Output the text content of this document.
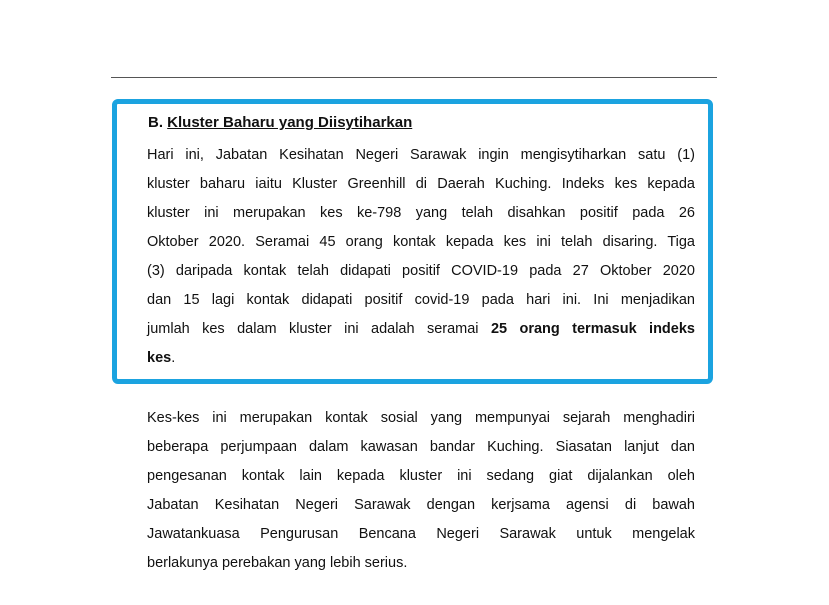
B. Kluster Baharu yang Diisytiharkan
Hari ini, Jabatan Kesihatan Negeri Sarawak ingin mengisytiharkan satu (1)
kluster baharu iaitu Kluster Greenhill di Daerah Kuching. Indeks kes kepada
kluster ini merupakan kes ke-798 yang telah disahkan positif pada 26
Oktober 2020. Seramai 45 orang kontak kepada kes ini telah disaring. Tiga
(3) daripada kontak telah didapati positif COVID-19 pada 27 Oktober 2020
dan 15 lagi kontak didapati positif covid-19 pada hari ini. Ini menjadikan
jumlah kes dalam kluster ini adalah seramai 25 orang termasuk indeks
kes.
Kes-kes ini merupakan kontak sosial yang mempunyai sejarah menghadiri
beberapa perjumpaan dalam kawasan bandar Kuching. Siasatan lanjut dan
pengesanan kontak lain kepada kluster ini sedang giat dijalankan oleh
Jabatan Kesihatan Negeri Sarawak dengan kerjsama agensi di bawah
Jawatankuasa Pengurusan Bencana Negeri Sarawak untuk mengelak
berlakunya perebakan yang lebih serius.
